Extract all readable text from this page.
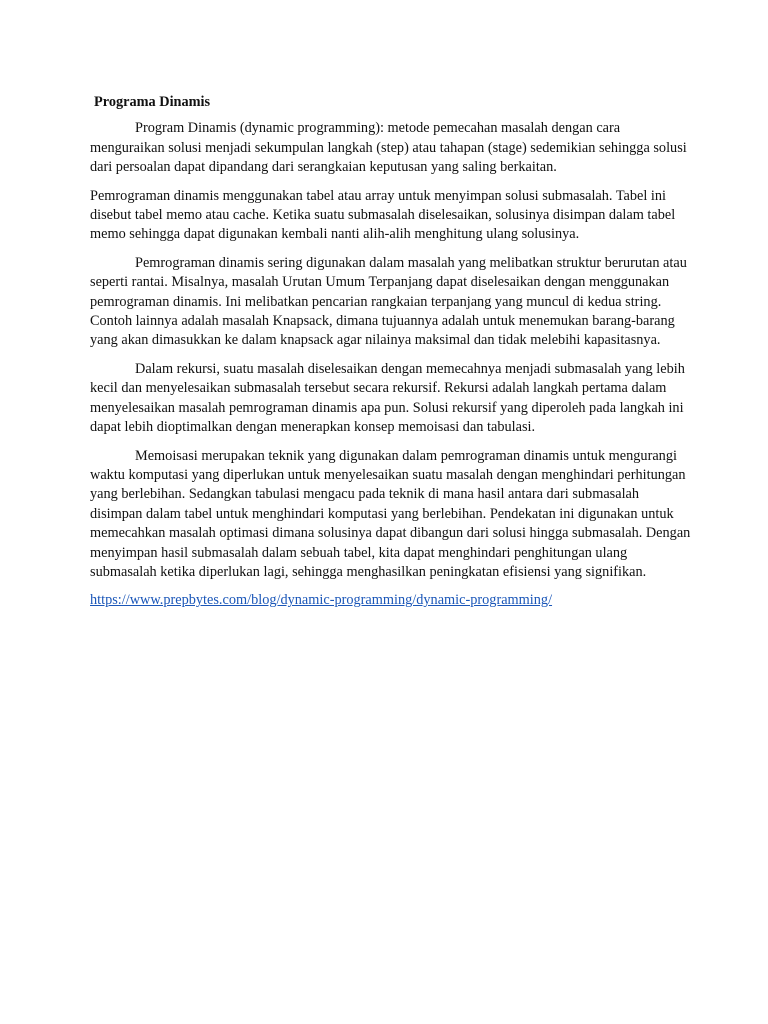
Programa Dinamis

Program Dinamis (dynamic programming): metode pemecahan masalah dengan cara menguraikan solusi menjadi sekumpulan langkah (step) atau tahapan (stage) sedemikian sehingga solusi dari persoalan dapat dipandang dari serangkaian keputusan yang saling berkaitan.

Pemrograman dinamis menggunakan tabel atau array untuk menyimpan solusi submasalah. Tabel ini disebut tabel memo atau cache. Ketika suatu submasalah diselesaikan, solusinya disimpan dalam tabel memo sehingga dapat digunakan kembali nanti alih-alih menghitung ulang solusinya.

Pemrograman dinamis sering digunakan dalam masalah yang melibatkan struktur berurutan atau seperti rantai. Misalnya, masalah Urutan Umum Terpanjang dapat diselesaikan dengan menggunakan pemrograman dinamis. Ini melibatkan pencarian rangkaian terpanjang yang muncul di kedua string. Contoh lainnya adalah masalah Knapsack, dimana tujuannya adalah untuk menemukan barang-barang yang akan dimasukkan ke dalam knapsack agar nilainya maksimal dan tidak melebihi kapasitasnya.

Dalam rekursi, suatu masalah diselesaikan dengan memecahnya menjadi submasalah yang lebih kecil dan menyelesaikan submasalah tersebut secara rekursif. Rekursi adalah langkah pertama dalam menyelesaikan masalah pemrograman dinamis apa pun. Solusi rekursif yang diperoleh pada langkah ini dapat lebih dioptimalkan dengan menerapkan konsep memoisasi dan tabulasi.

Memoisasi merupakan teknik yang digunakan dalam pemrograman dinamis untuk mengurangi waktu komputasi yang diperlukan untuk menyelesaikan suatu masalah dengan menghindari perhitungan yang berlebihan. Sedangkan tabulasi mengacu pada teknik di mana hasil antara dari submasalah disimpan dalam tabel untuk menghindari komputasi yang berlebihan. Pendekatan ini digunakan untuk memecahkan masalah optimasi dimana solusinya dapat dibangun dari solusi hingga submasalah. Dengan menyimpan hasil submasalah dalam sebuah tabel, kita dapat menghindari penghitungan ulang submasalah ketika diperlukan lagi, sehingga menghasilkan peningkatan efisiensi yang signifikan.

https://www.prepbytes.com/blog/dynamic-programming/dynamic-programming/
